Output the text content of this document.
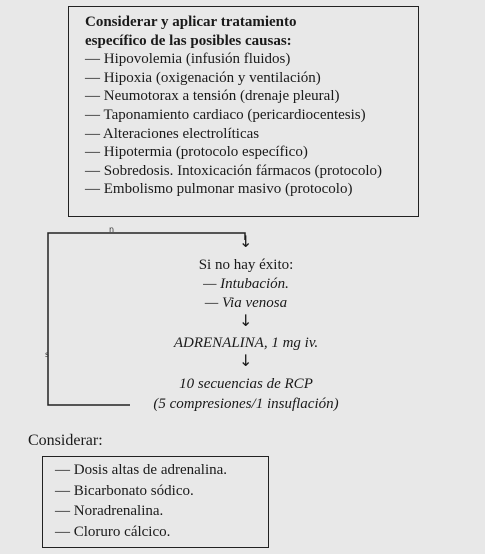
Considerar y aplicar tratamiento
específico de las posibles causas:
— Hipovolemia (infusión fluidos)
— Hipoxia (oxigenación y ventilación)
— Neumotorax a tensión (drenaje pleural)
— Taponamiento cardiaco (pericardiocentesis)
— Alteraciones electrolíticas
— Hipotermia (protocolo específico)
— Sobredosis. Intoxicación fármacos (protocolo)
— Embolismo pulmonar masivo (protocolo)
n
s
↓
Si no hay éxito:
— Intubación.
— Via venosa
↓
ADRENALINA, 1 mg iv.
↓
10 secuencias de RCP
(5 compresiones/1 insuflación)
Considerar:
— Dosis altas de adrenalina.
— Bicarbonato sódico.
— Noradrenalina.
— Cloruro cálcico.
